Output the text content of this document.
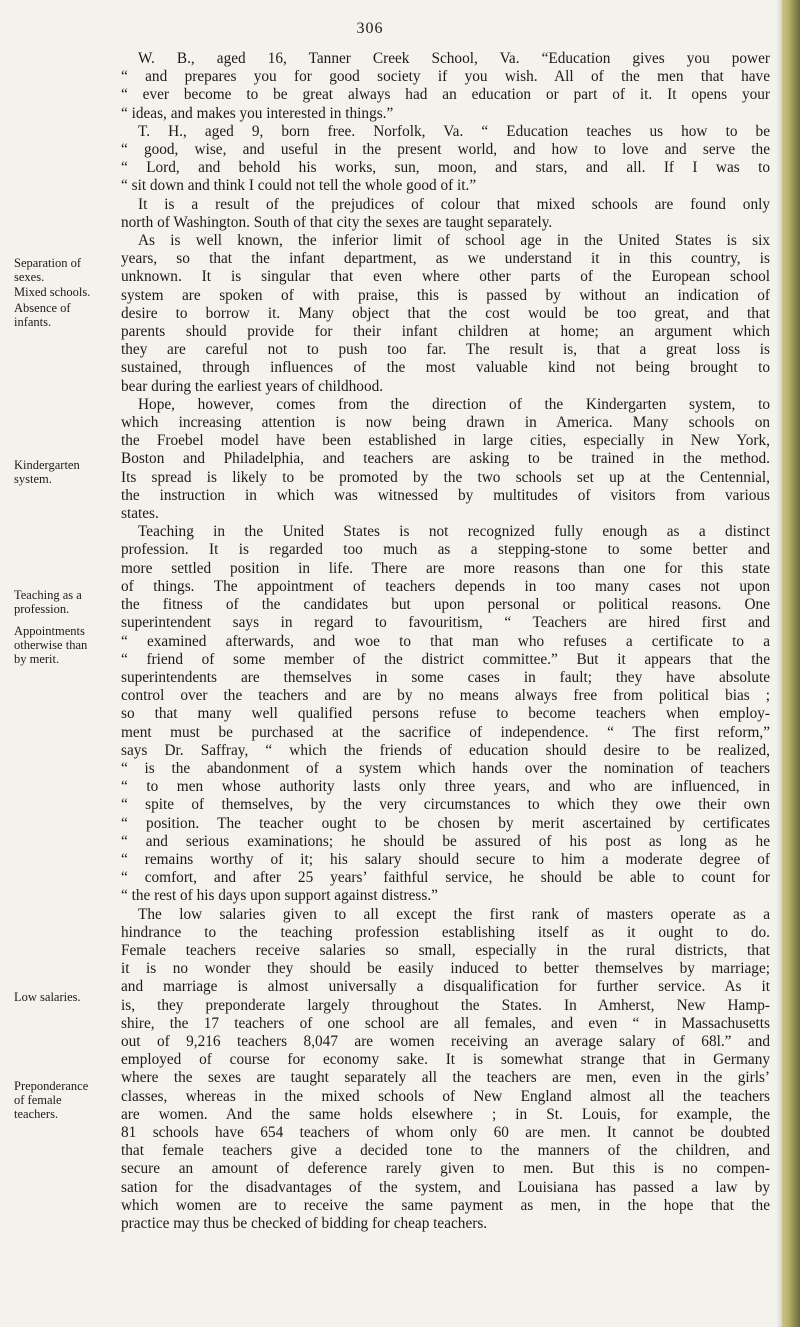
306
Separation of sexes.
Mixed schools.
Absence of infants.
Kindergarten system.
Teaching as a profession.
Appointments otherwise than by merit.
Low salaries.
Preponderance of female teachers.
W. B., aged 16, Tanner Creek School, Va. “Education gives you power
“ and prepares you for good society if you wish. All of the men that have
“ ever become to be great always had an education or part of it. It opens your
“ ideas, and makes you interested in things.”
T. H., aged 9, born free. Norfolk, Va. “ Education teaches us how to be
“ good, wise, and useful in the present world, and how to love and serve the
“ Lord, and behold his works, sun, moon, and stars, and all. If I was to
“ sit down and think I could not tell the whole good of it.”
It is a result of the prejudices of colour that mixed schools are found only
north of Washington. South of that city the sexes are taught separately.
As is well known, the inferior limit of school age in the United States is six
years, so that the infant department, as we understand it in this country, is
unknown. It is singular that even where other parts of the European school
system are spoken of with praise, this is passed by without an indication of
desire to borrow it. Many object that the cost would be too great, and that
parents should provide for their infant children at home; an argument which
they are careful not to push too far. The result is, that a great loss is
sustained, through influences of the most valuable kind not being brought to
bear during the earliest years of childhood.
Hope, however, comes from the direction of the Kindergarten system, to
which increasing attention is now being drawn in America. Many schools on
the Froebel model have been established in large cities, especially in New York,
Boston and Philadelphia, and teachers are asking to be trained in the method.
Its spread is likely to be promoted by the two schools set up at the Centennial,
the instruction in which was witnessed by multitudes of visitors from various
states.
Teaching in the United States is not recognized fully enough as a distinct
profession. It is regarded too much as a stepping-stone to some better and
more settled position in life. There are more reasons than one for this state
of things. The appointment of teachers depends in too many cases not upon
the fitness of the candidates but upon personal or political reasons. One
superintendent says in regard to favouritism, “ Teachers are hired first and
“ examined afterwards, and woe to that man who refuses a certificate to a
“ friend of some member of the district committee.” But it appears that the
superintendents are themselves in some cases in fault; they have absolute
control over the teachers and are by no means always free from political bias ;
so that many well qualified persons refuse to become teachers when employ-
ment must be purchased at the sacrifice of independence. “ The first reform,”
says Dr. Saffray, “ which the friends of education should desire to be realized,
“ is the abandonment of a system which hands over the nomination of teachers
“ to men whose authority lasts only three years, and who are influenced, in
“ spite of themselves, by the very circumstances to which they owe their own
“ position. The teacher ought to be chosen by merit ascertained by certificates
“ and serious examinations; he should be assured of his post as long as he
“ remains worthy of it; his salary should secure to him a moderate degree of
“ comfort, and after 25 years’ faithful service, he should be able to count for
“ the rest of his days upon support against distress.”
The low salaries given to all except the first rank of masters operate as a
hindrance to the teaching profession establishing itself as it ought to do.
Female teachers receive salaries so small, especially in the rural districts, that
it is no wonder they should be easily induced to better themselves by marriage;
and marriage is almost universally a disqualification for further service. As it
is, they preponderate largely throughout the States. In Amherst, New Hamp-
shire, the 17 teachers of one school are all females, and even “ in Massachusetts
out of 9,216 teachers 8,047 are women receiving an average salary of 68l.” and
employed of course for economy sake. It is somewhat strange that in Germany
where the sexes are taught separately all the teachers are men, even in the girls’
classes, whereas in the mixed schools of New England almost all the teachers
are women. And the same holds elsewhere ; in St. Louis, for example, the
81 schools have 654 teachers of whom only 60 are men. It cannot be doubted
that female teachers give a decided tone to the manners of the children, and
secure an amount of deference rarely given to men. But this is no compen-
sation for the disadvantages of the system, and Louisiana has passed a law by
which women are to receive the same payment as men, in the hope that the
practice may thus be checked of bidding for cheap teachers.
